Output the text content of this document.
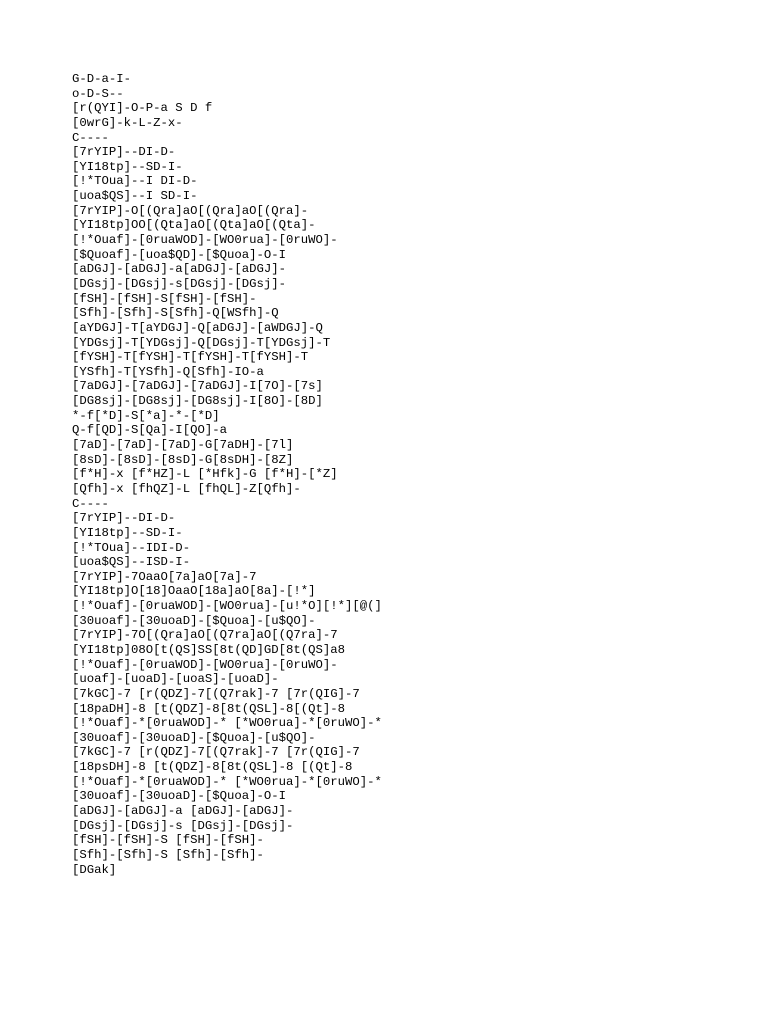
G-D-a-I-
o-D-S--
[r(QYI]-O-P-a S D f
[0wrG]-k-L-Z-x-
C----
[7rYIP]--DI-D-
[YI18tp]--SD-I-
[!*TOua]--I DI-D-
[uoa$QS]--I SD-I-
[7rYIP]-O[(Qra]aO[(Qra]aO[(Qra]-
[YI18tp]OO[(Qta]aO[(Qta]aO[(Qta]-
[!*Ouaf]-[0ruaWOD]-[WO0rua]-[0ruWO]-
[$Quoaf]-[uoa$QD]-[$Quoa]-O-I
[aDGJ]-[aDGJ]-a[aDGJ]-[aDGJ]-
[DGsj]-[DGsj]-s[DGsj]-[DGsj]-
[fSH]-[fSH]-S[fSH]-[fSH]-
[Sfh]-[Sfh]-S[Sfh]-Q[WSfh]-Q
[aYDGJ]-T[aYDGJ]-Q[aDGJ]-[aWDGJ]-Q
[YDGsj]-T[YDGsj]-Q[DGsj]-T[YDGsj]-T
[fYSH]-T[fYSH]-T[fYSH]-T[fYSH]-T
[YSfh]-T[YSfh]-Q[Sfh]-IO-a
[7aDGJ]-[7aDGJ]-[7aDGJ]-I[7O]-[7s]
[DG8sj]-[DG8sj]-[DG8sj]-I[8O]-[8D]
*-f[*D]-S[*a]-*-[*D]
Q-f[QD]-S[Qa]-I[QO]-a
[7aD]-[7aD]-[7aD]-G[7aDH]-[7l]
[8sD]-[8sD]-[8sD]-G[8sDH]-[8Z]
[f*H]-x [f*HZ]-L [*Hfk]-G [f*H]-[*Z]
[Qfh]-x [fhQZ]-L [fhQL]-Z[Qfh]-
C----
[7rYIP]--DI-D-
[YI18tp]--SD-I-
[!*TOua]--IDI-D-
[uoa$QS]--ISD-I-
[7rYIP]-7OaaO[7a]aO[7a]-7
[YI18tp]O[18]OaaO[18a]aO[8a]-[!*]
[!*Ouaf]-[0ruaWOD]-[WO0rua]-[u!*O][!*][@(]
[30uoaf]-[30uoaD]-[$Quoa]-[u$QO]-
[7rYIP]-7O[(Qra]aO[(Q7ra]aO[(Q7ra]-7
[YI18tp]08O[t(QS]SS[8t(QD]GD[8t(QS]a8
[!*Ouaf]-[0ruaWOD]-[WO0rua]-[0ruWO]-
[uoaf]-[uoaD]-[uoaS]-[uoaD]-
[7kGC]-7 [r(QDZ]-7[(Q7rak]-7 [7r(QIG]-7
[18paDH]-8 [t(QDZ]-8[8t(QSL]-8[(Qt]-8
[!*Ouaf]-*[0ruaWOD]-* [*WO0rua]-*[0ruWO]-*
[30uoaf]-[30uoaD]-[$Quoa]-[u$QO]-
[7kGC]-7 [r(QDZ]-7[(Q7rak]-7 [7r(QIG]-7
[18psDH]-8 [t(QDZ]-8[8t(QSL]-8 [(Qt]-8
[!*Ouaf]-*[0ruaWOD]-* [*WO0rua]-*[0ruWO]-*
[30uoaf]-[30uoaD]-[$Quoa]-O-I
[aDGJ]-[aDGJ]-a [aDGJ]-[aDGJ]-
[DGsj]-[DGsj]-s [DGsj]-[DGsj]-
[fSH]-[fSH]-S [fSH]-[fSH]-
[Sfh]-[Sfh]-S [Sfh]-[Sfh]-
[DGak]
